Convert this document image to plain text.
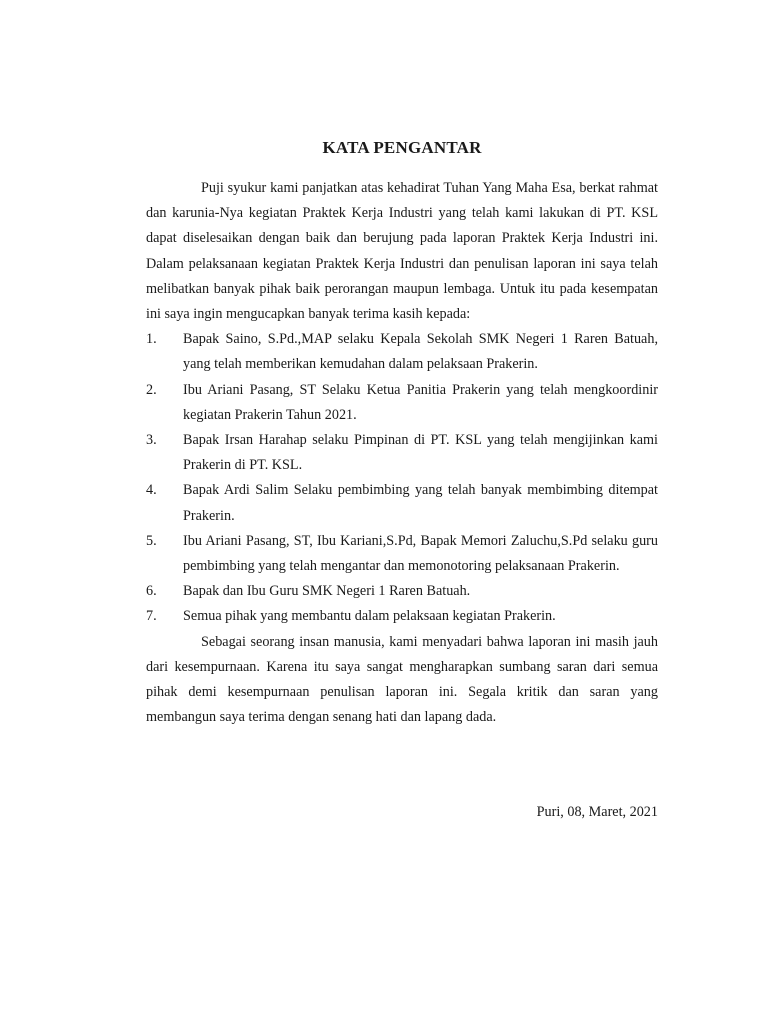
KATA PENGANTAR

Puji syukur kami panjatkan atas kehadirat Tuhan Yang Maha Esa, berkat rahmat dan karunia-Nya kegiatan Praktek Kerja Industri yang telah kami lakukan di PT. KSL dapat diselesaikan dengan baik dan berujung pada laporan Praktek Kerja Industri ini. Dalam pelaksanaan kegiatan Praktek Kerja Industri dan penulisan laporan ini saya telah melibatkan banyak pihak baik perorangan maupun lembaga. Untuk itu pada kesempatan ini saya ingin mengucapkan banyak terima kasih kepada:

1.	Bapak Saino, S.Pd.,MAP selaku Kepala Sekolah SMK Negeri 1 Raren Batuah, yang telah memberikan kemudahan dalam pelaksaan Prakerin.
2.	Ibu Ariani Pasang, ST Selaku Ketua Panitia Prakerin yang telah mengkoordinir kegiatan Prakerin Tahun 2021.
3.	Bapak Irsan Harahap selaku Pimpinan di PT. KSL yang telah mengijinkan kami Prakerin di PT. KSL.
4.	Bapak Ardi Salim Selaku pembimbing yang telah banyak membimbing ditempat Prakerin.
5.	Ibu Ariani Pasang, ST, Ibu Kariani,S.Pd, Bapak Memori Zaluchu,S.Pd selaku guru pembimbing yang telah mengantar dan memonotoring pelaksanaan Prakerin.
6.	Bapak dan Ibu Guru SMK Negeri 1 Raren Batuah.
7.	Semua pihak yang membantu dalam pelaksaan kegiatan Prakerin.

Sebagai seorang insan manusia, kami menyadari bahwa laporan ini masih jauh dari kesempurnaan. Karena itu saya sangat mengharapkan sumbang saran dari semua pihak demi kesempurnaan penulisan laporan ini. Segala kritik dan saran yang membangun saya terima dengan senang hati dan lapang dada.

Puri, 08, Maret, 2021
